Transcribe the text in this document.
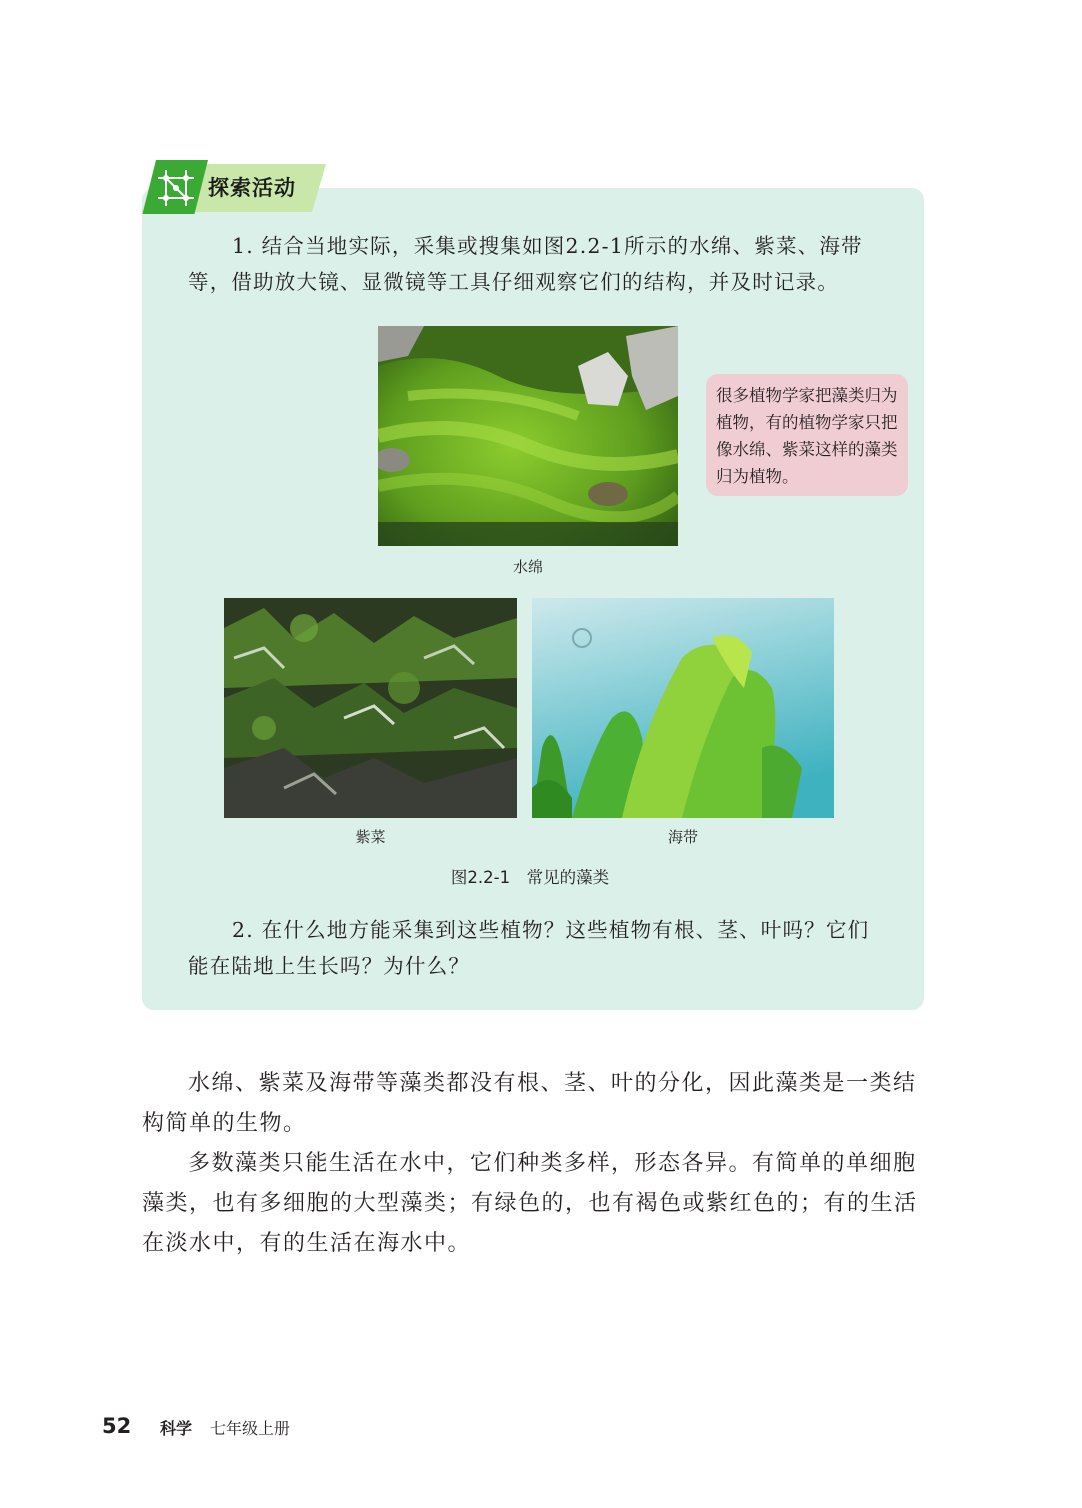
探索活动
1. 结合当地实际，采集或搜集如图2.2-1所示的水绵、紫菜、海带等，借助放大镜、显微镜等工具仔细观察它们的结构，并及时记录。
水绵
很多植物学家把藻类归为植物，有的植物学家只把像水绵、紫菜这样的藻类归为植物。
紫菜	海带
图2.2-1　常见的藻类
2. 在什么地方能采集到这些植物？这些植物有根、茎、叶吗？它们能在陆地上生长吗？为什么？
水绵、紫菜及海带等藻类都没有根、茎、叶的分化，因此藻类是一类结构简单的生物。
多数藻类只能生活在水中，它们种类多样，形态各异。有简单的单细胞藻类，也有多细胞的大型藻类；有绿色的，也有褐色或紫红色的；有的生活在淡水中，有的生活在海水中。
52 科学 七年级上册
